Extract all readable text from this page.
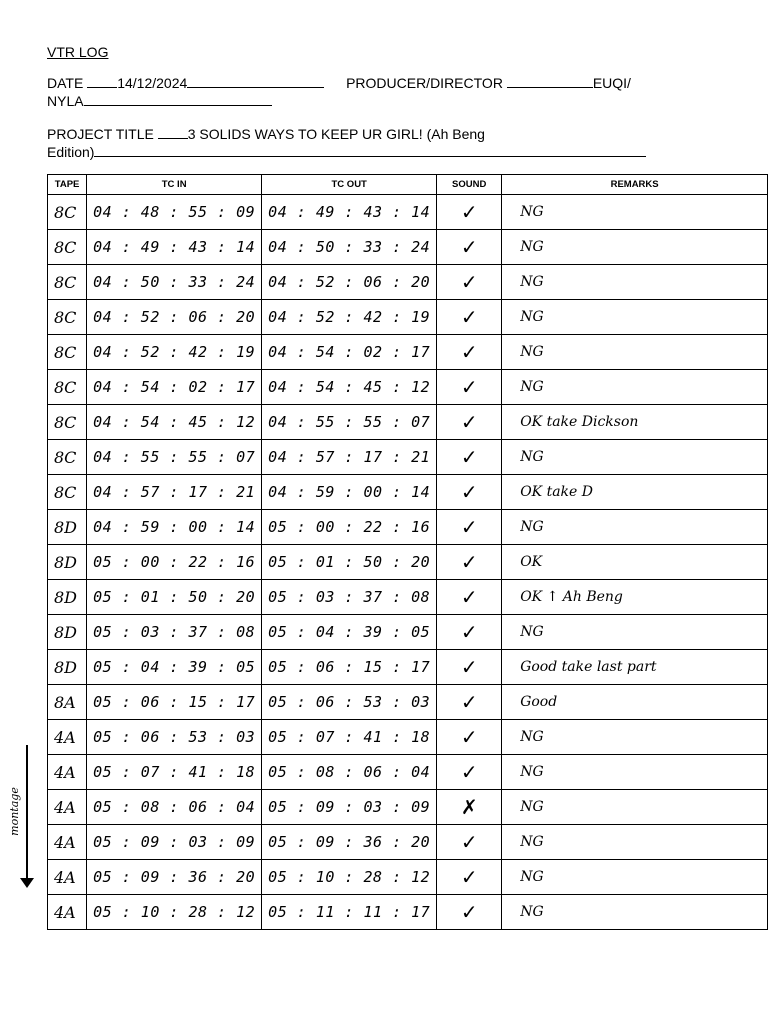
VTR LOG
DATE 14/12/2024	PRODUCER/DIRECTOR	EUQI/
NYLA
PROJECT TITLE 3 SOLIDS WAYS TO KEEP UR GIRL! (Ah Beng
Edition)
TAPE	TC IN	TC OUT	SOUND	REMARKS
8C	04 : 48 : 55 : 09	04 : 49 : 43 : 14	✓	NG
8C	04 : 49 : 43 : 14	04 : 50 : 33 : 24	✓	NG
8C	04 : 50 : 33 : 24	04 : 52 : 06 : 20	✓	NG
8C	04 : 52 : 06 : 20	04 : 52 : 42 : 19	✓	NG
8C	04 : 52 : 42 : 19	04 : 54 : 02 : 17	✓	NG
8C	04 : 54 : 02 : 17	04 : 54 : 45 : 12	✓	NG
8C	04 : 54 : 45 : 12	04 : 55 : 55 : 07	✓	OK take Dickson
8C	04 : 55 : 55 : 07	04 : 57 : 17 : 21	✓	NG
8C	04 : 57 : 17 : 21	04 : 59 : 00 : 14	✓	OK take D
8D	04 : 59 : 00 : 14	05 : 00 : 22 : 16	✓	NG
8D	05 : 00 : 22 : 16	05 : 01 : 50 : 20	✓	OK
8D	05 : 01 : 50 : 20	05 : 03 : 37 : 08	✓	OK ↑ Ah Beng
8D	05 : 03 : 37 : 08	05 : 04 : 39 : 05	✓	NG
8D	05 : 04 : 39 : 05	05 : 06 : 15 : 17	✓	Good take last part
8A	05 : 06 : 15 : 17	05 : 06 : 53 : 03	✓	Good
4A	05 : 06 : 53 : 03	05 : 07 : 41 : 18	✓	NG
4A	05 : 07 : 41 : 18	05 : 08 : 06 : 04	✓	NG
4A	05 : 08 : 06 : 04	05 : 09 : 03 : 09	✗	NG
4A	05 : 09 : 03 : 09	05 : 09 : 36 : 20	✓	NG
4A	05 : 09 : 36 : 20	05 : 10 : 28 : 12	✓	NG
4A	05 : 10 : 28 : 12	05 : 11 : 11 : 17	✓	NG
montage
